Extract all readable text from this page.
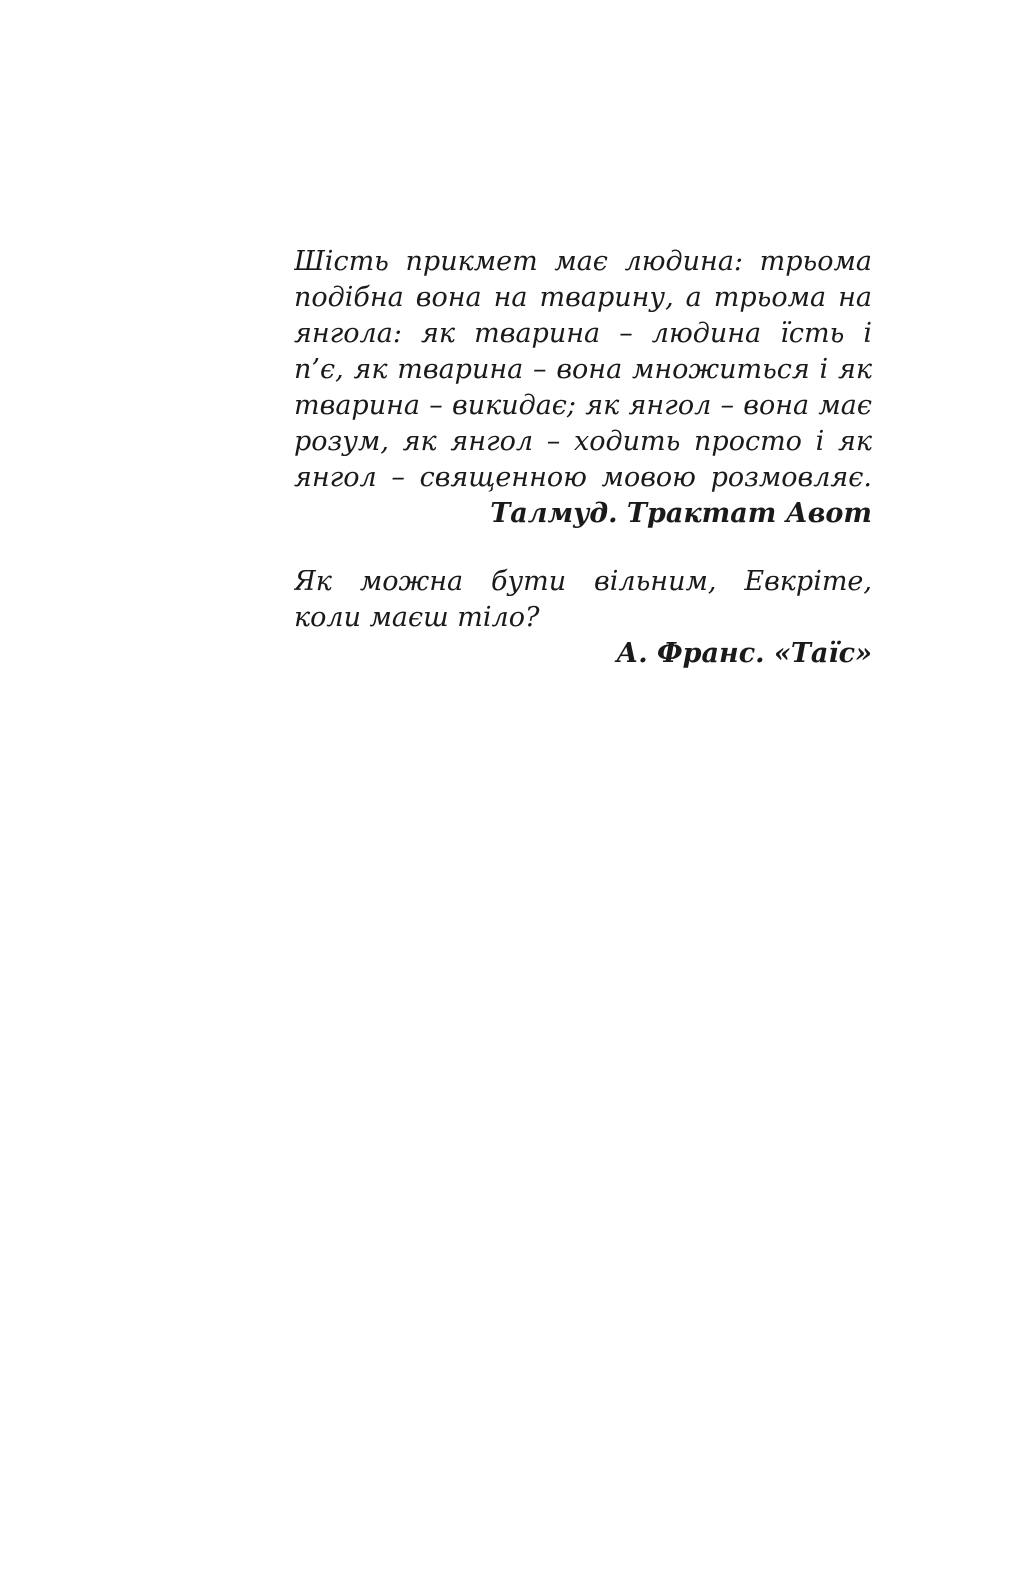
Шість прикмет має людина: трьома
подібна вона на тварину, а трьома на
янгола: як тварина – людина їсть і
п’є, як тварина – вона множиться і як
тварина – викидає; як янгол – вона має
розум, як янгол – ходить просто і як
янгол – священною мовою розмовляє.
Талмуд. Трактат Авот
Як можна бути вільним, Евкріте,
коли маєш тіло?
А. Франс. «Таїс»
